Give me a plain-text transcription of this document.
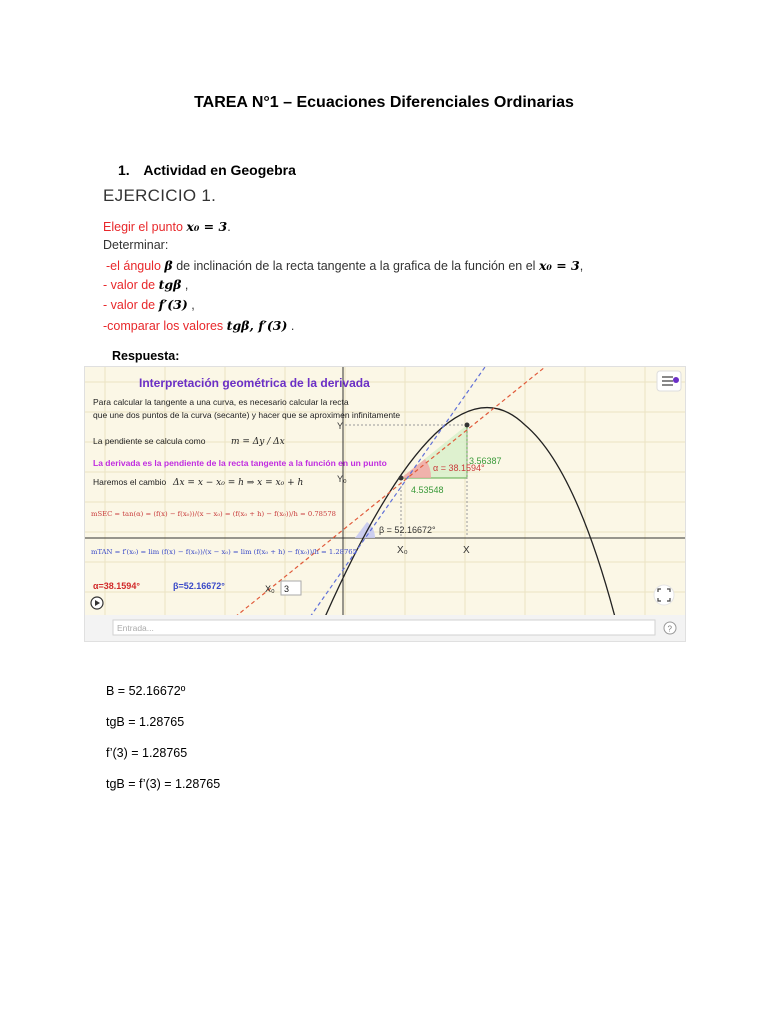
TAREA N°1 – Ecuaciones Diferenciales Ordinarias
1. Actividad en Geogebra
EJERCICIO 1.
Elegir el punto x₀ = 3.
Determinar:
-el ángulo β de inclinación de la recta tangente a la grafica de la función en el x₀ = 3,
- valor de tgβ ,
- valor de f′(3) ,
-comparar los valores tgβ, f′(3) .
Respuesta:
3.56387
4.53548
α = 38.1594°
β = 52.16672°
X₀	X
Y₀
Y
Interpretación geométrica de la derivada
Para calcular la tangente a una curva, es necesario calcular la recta
que une dos puntos de la curva (secante) y hacer que se aproximen infinitamente
La pendiente se calcula como	m = Δy / Δx
La derivada es la pendiente de la recta tangente a la función en un punto
Haremos el cambio Δx = x − x₀ = h ⇒ x = x₀ + h
mSEC = tan(α) = (f(x) − f(x₀))/(x − x₀) = (f(x₀ + h) − f(x₀))/h = 0.78578
mTAN = f′(x₀) = lim (f(x) − f(x₀))/(x − x₀) = lim (f(x₀ + h) − f(x₀))/h = 1.28765
α=38.1594°	β=52.16672°	X₀ 3
Entrada...	?
B = 52.16672º
tgB = 1.28765
f’(3) = 1.28765
tgB = f’(3) = 1.28765
